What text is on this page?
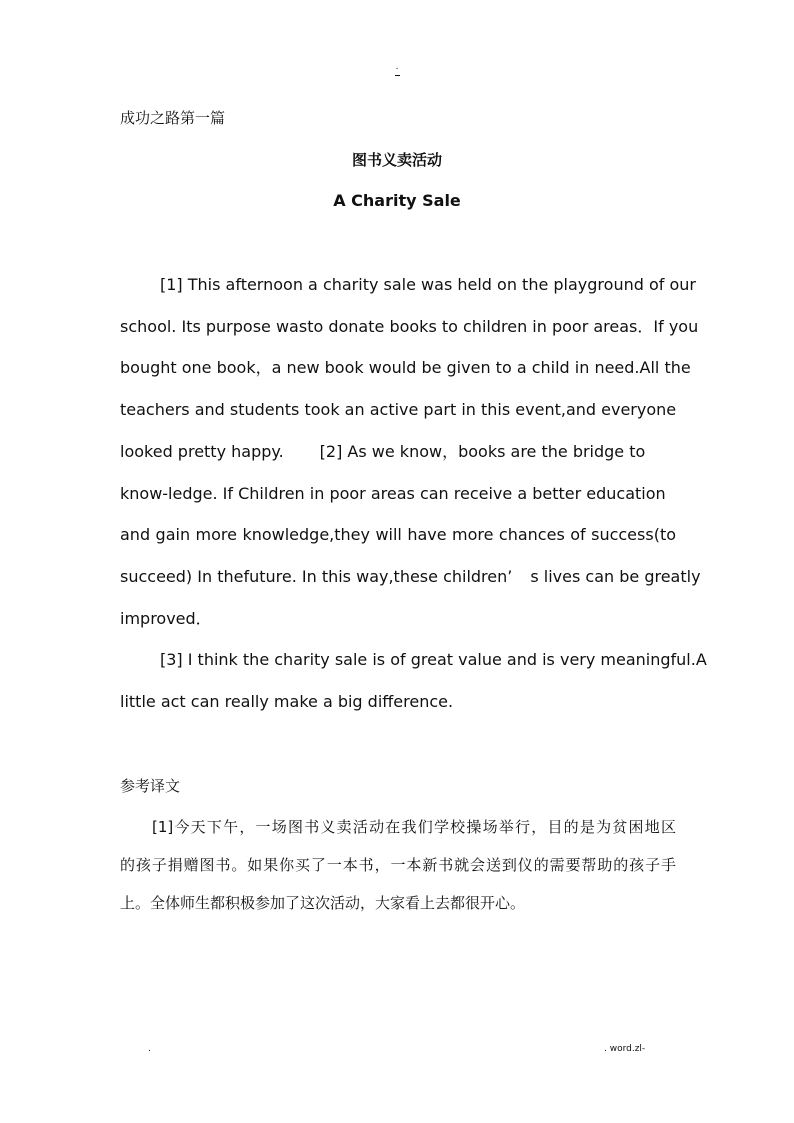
.
成功之路第一篇
图书义卖活动
A Charity Sale
[1] This afternoon a charity sale was held on the playground of our
school. Its purpose wasto donate books to children in poor areas．If you
bought one book，a new book would be given to a child in need.All the
teachers and students took an active part in this event,and everyone
looked pretty happy. [2] As we know，books are the bridge to
know-ledge. If Children in poor areas can receive a better education
and gain more knowledge,they will have more chances of success(to
succeed) In thefuture. In this way,these children’ s lives can be greatly
improved．
[3] I think the charity sale is of great value and is very meaningful.A
little act can really make a big difference.
参考译文
[1]今天下午，一场图书义卖活动在我们学校操场举行，目的是为贫困地区
的孩子捐赠图书。如果你买了一本书，一本新书就会送到仪的需要帮助的孩子手
上。全体师生都积极参加了这次活动，大家看上去都很开心。
.	. word.zl-
